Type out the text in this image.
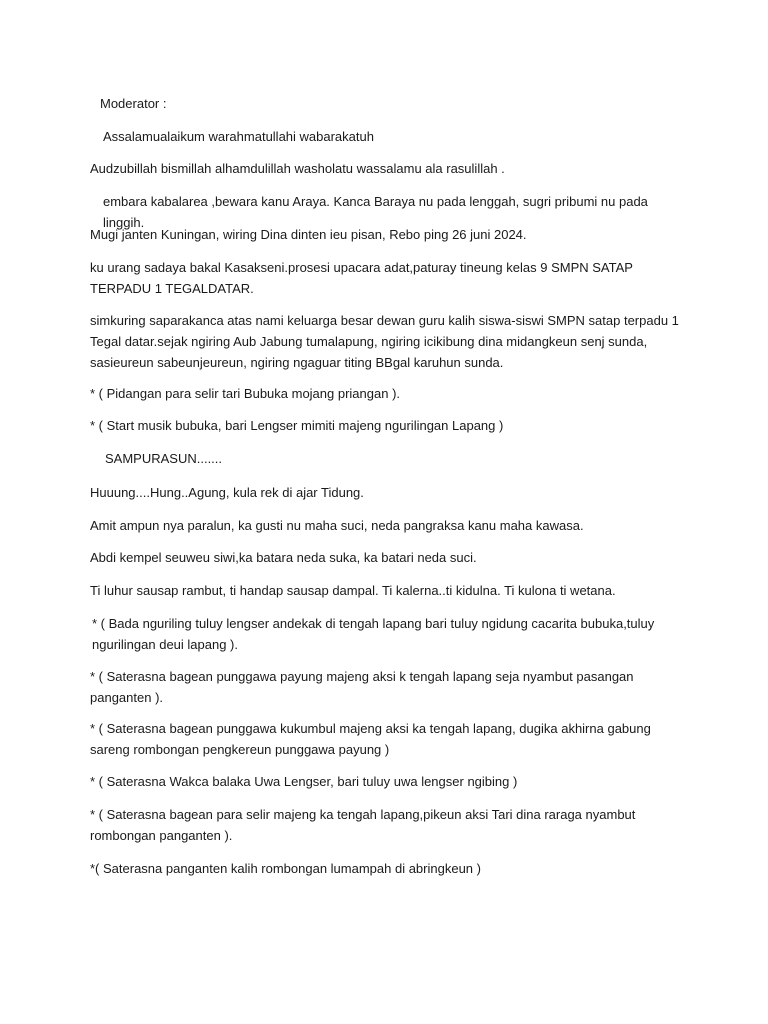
Moderator :

Assalamualaikum warahmatullahi wabarakatuh

Audzubillah bismillah alhamdulillah washolatu wassalamu ala rasulillah .

embara kabalarea ,bewara kanu Araya. Kanca Baraya nu pada lenggah, sugri pribumi nu pada linggih.

Mugi janten Kuningan, wiring Dina dinten ieu pisan, Rebo ping 26 juni 2024.

ku urang sadaya bakal Kasakseni.prosesi upacara adat,paturay tineung kelas 9 SMPN SATAP TERPADU 1 TEGALDATAR.

simkuring saparakanca atas nami keluarga besar dewan guru kalih siswa-siswi SMPN satap terpadu 1 Tegal datar.sejak ngiring Aub Jabung tumalapung, ngiring icikibung dina midangkeun senj sunda, sasieureun sabeunjeureun, ngiring ngaguar titing BBgal karuhun sunda.

* ( Pidangan para selir tari Bubuka mojang priangan ).

* ( Start musik bubuka, bari Lengser mimiti majeng ngurilingan Lapang )

SAMPURASUN.......

Huuung....Hung..Agung, kula rek di ajar Tidung.

Amit ampun nya paralun, ka gusti nu maha suci, neda pangraksa kanu maha kawasa.

Abdi kempel seuweu siwi,ka batara neda suka, ka batari neda suci.

Ti luhur sausap rambut, ti handap sausap dampal. Ti kalerna..ti kidulna. Ti kulona ti wetana.

* ( Bada nguriling tuluy lengser andekak di tengah lapang bari tuluy ngidung cacarita bubuka,tuluy ngurilingan deui lapang ).

* ( Saterasna bagean punggawa payung majeng aksi k tengah lapang seja nyambut pasangan panganten ).

* ( Saterasna bagean punggawa kukumbul majeng aksi ka tengah lapang, dugika akhirna gabung sareng rombongan pengkereun punggawa payung )

* ( Saterasna Wakca balaka Uwa Lengser, bari tuluy uwa lengser ngibing )

* ( Saterasna bagean para selir majeng ka tengah lapang,pikeun aksi Tari dina raraga nyambut rombongan panganten ).

*( Saterasna panganten kalih rombongan lumampah di abringkeun )
